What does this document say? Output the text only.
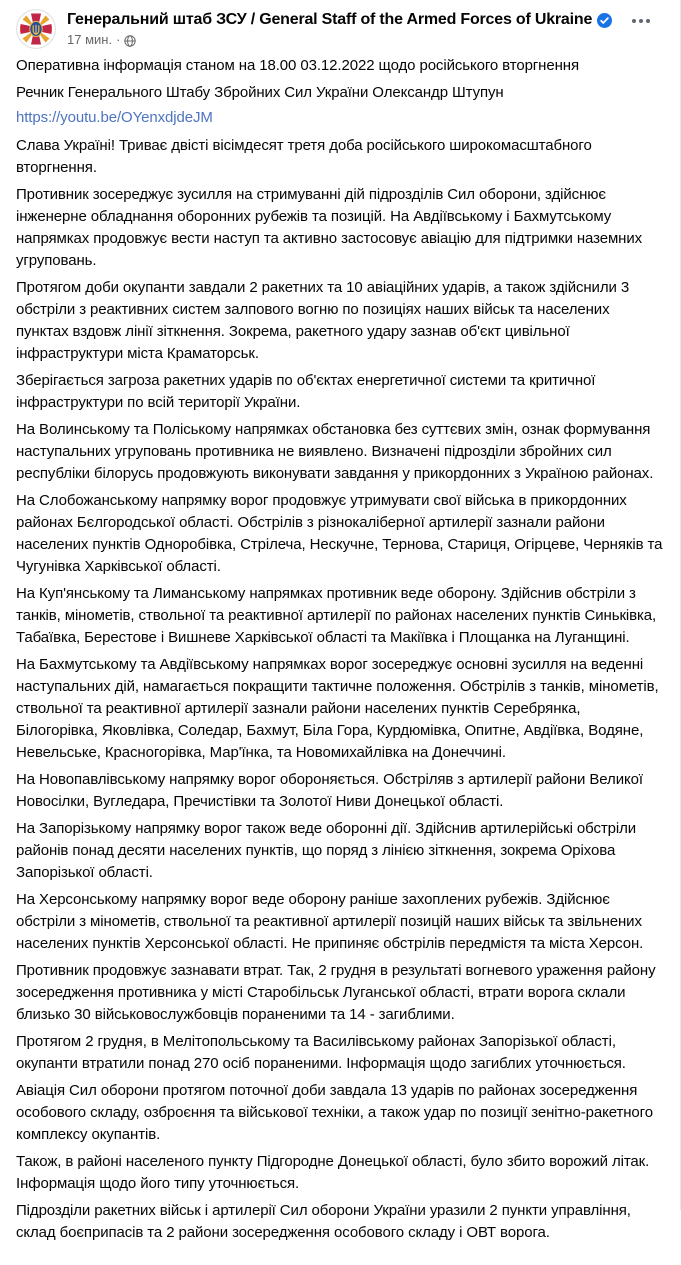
Генеральний штаб ЗСУ / General Staff of the Armed Forces of Ukraine
17 мин. ·

Оперативна інформація станом на 18.00 03.12.2022 щодо російського вторгнення

Речник Генерального Штабу Збройних Сил України Олександр Штупун

https://youtu.be/OYenxdjdeJM

Слава Україні! Триває двісті вісімдесят третя доба російського широкомасштабного вторгнення.

Противник зосереджує зусилля на стримуванні дій підрозділів Сил оборони, здійснює інженерне обладнання оборонних рубежів та позицій. На Авдіївському і Бахмутському напрямках продовжує вести наступ та активно застосовує авіацію для підтримки наземних угруповань.

Протягом доби окупанти завдали 2 ракетних та 10 авіаційних ударів, а також здійснили 3 обстріли з реактивних систем залпового вогню по позиціях наших військ та населених пунктах вздовж лінії зіткнення. Зокрема, ракетного удару зазнав об'єкт цивільної інфраструктури міста Краматорськ.

Зберігається загроза ракетних ударів по об'єктах енергетичної системи та критичної інфраструктури по всій території України.

На Волинському та Поліському напрямках обстановка без суттєвих змін, ознак формування наступальних угруповань противника не виявлено. Визначені підрозділи збройних сил республіки білорусь продовжують виконувати завдання у прикордонних з Україною районах.

На Слобожанському напрямку ворог продовжує утримувати свої війська в прикордонних районах Бєлгородської області. Обстрілів з різнокаліберної артилерії зазнали райони населених пунктів Одноробівка, Стрілеча, Нескучне, Тернова, Стариця, Огірцеве, Черняків та Чугунівка Харківської області.

На Куп'янському та Лиманському напрямках противник веде оборону. Здійснив обстріли з танків, мінометів, ствольної та реактивної артилерії по районах населених пунктів Синьківка, Табаївка, Берестове і Вишневе Харківської області та Макіївка і Площанка на Луганщині.

На Бахмутському та Авдіївському напрямках ворог зосереджує основні зусилля на веденні наступальних дій, намагається покращити тактичне положення. Обстрілів з танків, мінометів, ствольної та реактивної артилерії зазнали райони населених пунктів Серебрянка, Білогорівка, Яковлівка, Соледар, Бахмут, Біла Гора, Курдюмівка, Опитне, Авдіївка, Водяне, Невельське, Красногорівка, Мар'їнка, та Новомихайлівка на Донеччині.

На Новопавлівському напрямку ворог обороняється. Обстріляв з артилерії райони Великої Новосілки, Вугледара, Пречистівки та Золотої Ниви Донецької області.

На Запорізькому напрямку ворог також веде оборонні дії. Здійснив артилерійські обстріли районів понад десяти населених пунктів, що поряд з лінією зіткнення, зокрема Оріхова Запорізької області.

На Херсонському напрямку ворог веде оборону раніше захоплених рубежів. Здійснює обстріли з мінометів, ствольної та реактивної артилерії позицій наших військ та звільнених населених пунктів Херсонської області. Не припиняє обстрілів передмістя та міста Херсон.

Противник продовжує зазнавати втрат. Так, 2 грудня в результаті вогневого ураження району зосередження противника у місті Старобільськ Луганської області, втрати ворога склали близько 30 військовослужбовців пораненими та 14 - загиблими.

Протягом 2 грудня, в Мелітопольському та Василівському районах Запорізької області, окупанти втратили понад 270 осіб пораненими. Інформація щодо загиблих уточнюється.

Авіація Сил оборони протягом поточної доби завдала 13 ударів по районах зосередження особового складу, озброєння та військової техніки, а також удар по позиції зенітно-ракетного комплексу окупантів.

Також, в районі населеного пункту Підгородне Донецької області, було збито ворожий літак. Інформація щодо його типу уточнюється.

Підрозділи ракетних військ і артилерії Сил оборони України уразили 2 пункти управління, склад боєприпасів та 2 райони зосередження особового складу і ОВТ ворога.
